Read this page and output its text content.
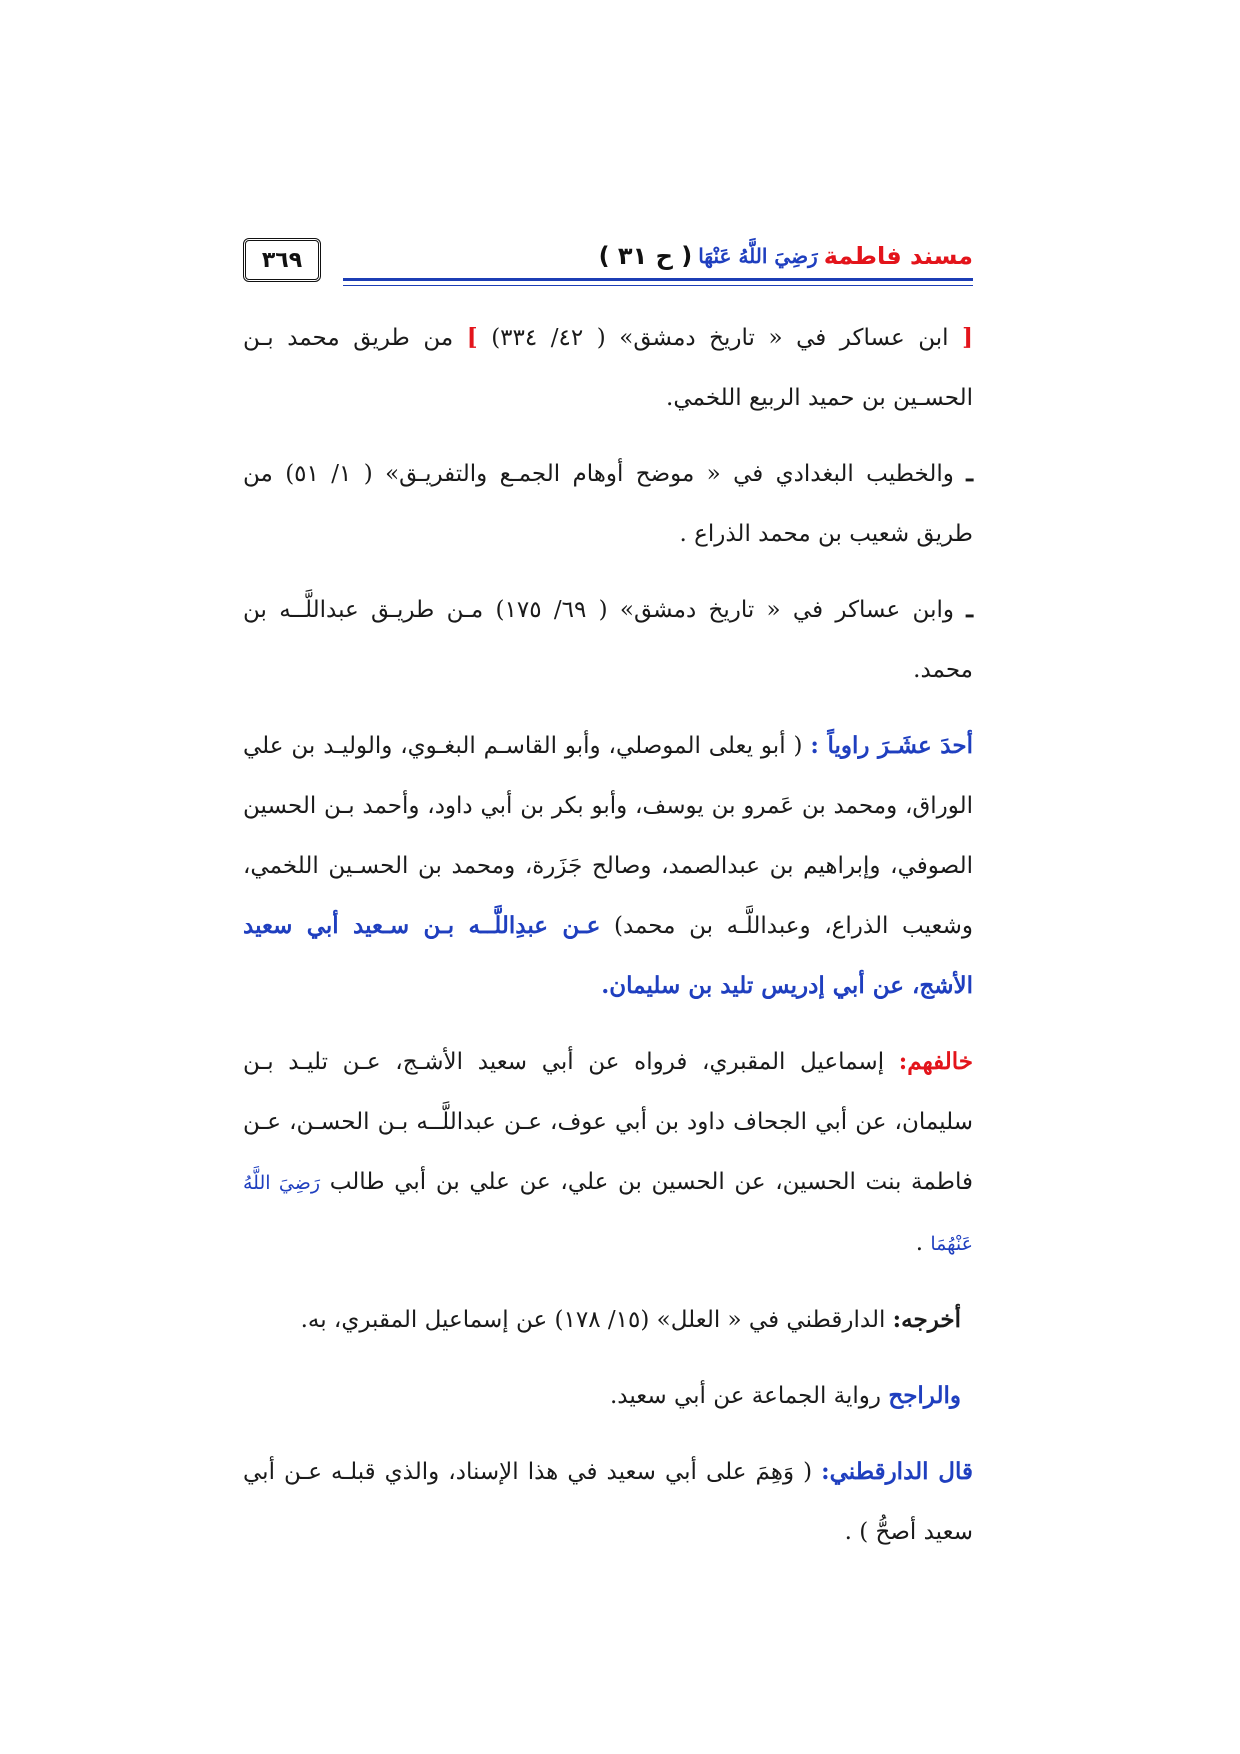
مسند فاطمة
رَضِيَ اللَّهُ عَنْهَا
( ح ٣١ )
٣٦٩

[ ابن عساكر في « تاريخ دمشق» ( ٤٢/ ٣٣٤) ] من طريق محمد بـن الحسـين بن حميد الربيع اللخمي.

ـ والخطيب البغدادي في « موضح أوهام الجمـع والتفريـق» ( ١/ ٥١) من طريق شعيب بن محمد الذراع .

ـ وابن عساكر في « تاريخ دمشق» ( ٦٩/ ١٧٥) مـن طريـق عبداللَّــه بن محمد.

أحدَ عشَـرَ راوياً : ( أبو يعلى الموصلي، وأبو القاسـم البغـوي، والوليـد بن علي الوراق، ومحمد بن عَمرو بن يوسف، وأبو بكر بن أبي داود، وأحمد بـن الحسين الصوفي، وإبراهيم بن عبدالصمد، وصالح جَزَرة، ومحمد بن الحسـين اللخمي، وشعيب الذراع، وعبداللَّـه بن محمد) عـن عبدِاللَّــه بـن سـعيد أبي سعيد الأشج، عن أبي إدريس تليد بن سليمان.

خالفهم: إسماعيل المقبري، فرواه عن أبي سعيد الأشـج، عـن تليـد بـن سليمان، عن أبي الجحاف داود بن أبي عوف، عـن عبداللَّــه بـن الحسـن، عـن فاطمة بنت الحسين، عن الحسين بن علي، عن علي بن أبي طالب رَضِيَ اللَّهُ عَنْهُمَا .

أخرجه: الدارقطني في « العلل» (١٥/ ١٧٨) عن إسماعيل المقبري، به.

والراجح رواية الجماعة عن أبي سعيد.

قال الدارقطني: ( وَهِمَ على أبي سعيد في هذا الإسناد، والذي قبلـه عـن أبي سعيد أصحُّ ) .
